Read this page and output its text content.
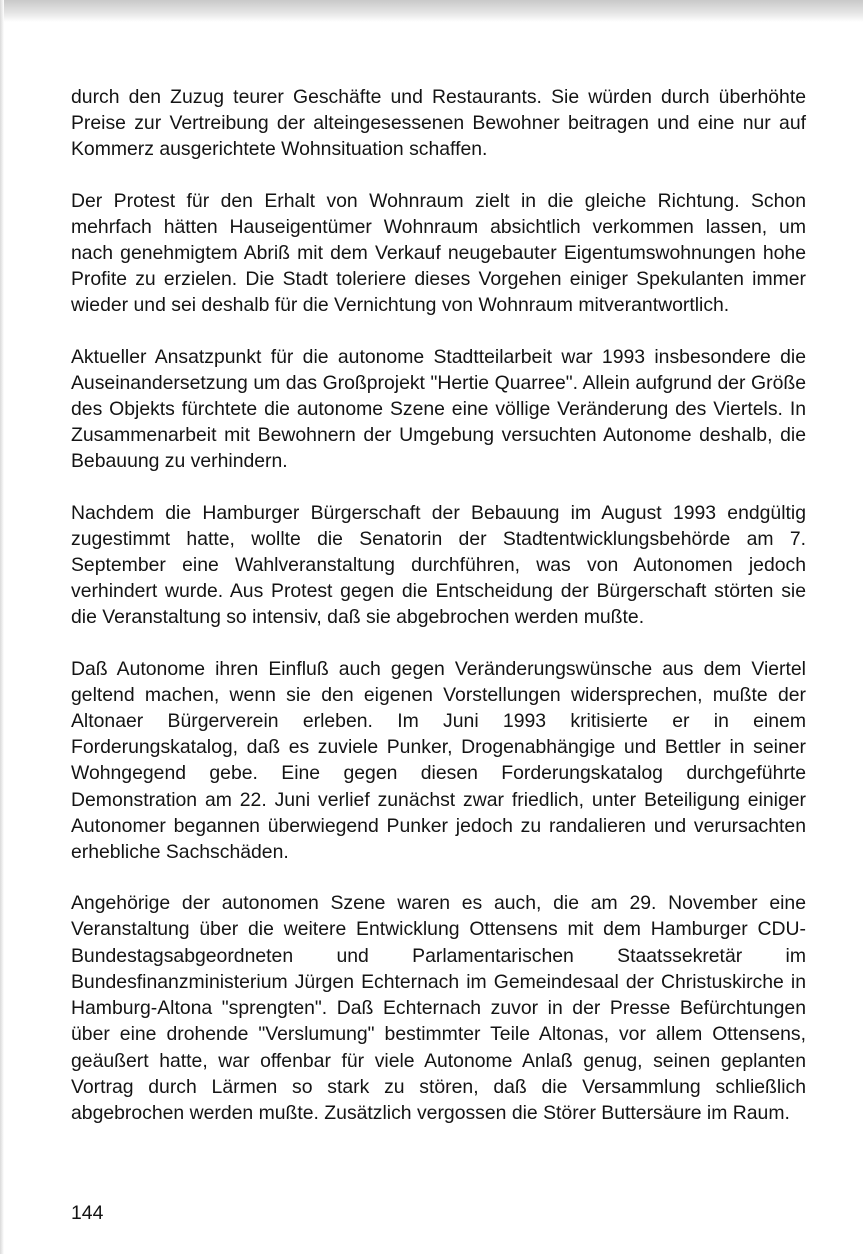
durch den Zuzug teurer Geschäfte und Restaurants. Sie würden durch überhöhte Preise zur Vertreibung der alteingesessenen Bewohner beitragen und eine nur auf Kommerz ausgerichtete Wohnsituation schaffen.

Der Protest für den Erhalt von Wohnraum zielt in die gleiche Richtung. Schon mehrfach hätten Hauseigentümer Wohnraum absichtlich verkommen lassen, um nach genehmigtem Abriß mit dem Verkauf neugebauter Eigentumswohnungen hohe Profite zu erzielen. Die Stadt toleriere dieses Vorgehen einiger Spekulanten immer wieder und sei deshalb für die Vernichtung von Wohnraum mitverantwortlich.

Aktueller Ansatzpunkt für die autonome Stadtteilarbeit war 1993 insbesondere die Auseinandersetzung um das Großprojekt "Hertie Quarree". Allein aufgrund der Größe des Objekts fürchtete die autonome Szene eine völlige Veränderung des Viertels. In Zusammenarbeit mit Bewohnern der Umgebung versuchten Autonome deshalb, die Bebauung zu verhindern.

Nachdem die Hamburger Bürgerschaft der Bebauung im August 1993 endgültig zugestimmt hatte, wollte die Senatorin der Stadtentwicklungsbehörde am 7. September eine Wahlveranstaltung durchführen, was von Autonomen jedoch verhindert wurde. Aus Protest gegen die Entscheidung der Bürgerschaft störten sie die Veranstaltung so intensiv, daß sie abgebrochen werden mußte.

Daß Autonome ihren Einfluß auch gegen Veränderungswünsche aus dem Viertel geltend machen, wenn sie den eigenen Vorstellungen widersprechen, mußte der Altonaer Bürgerverein erleben. Im Juni 1993 kritisierte er in einem Forderungskatalog, daß es zuviele Punker, Drogenabhängige und Bettler in seiner Wohngegend gebe. Eine gegen diesen Forderungskatalog durchgeführte Demonstration am 22. Juni verlief zunächst zwar friedlich, unter Beteiligung einiger Autonomer begannen überwiegend Punker jedoch zu randalieren und verursachten erhebliche Sachschäden.

Angehörige der autonomen Szene waren es auch, die am 29. November eine Veranstaltung über die weitere Entwicklung Ottensens mit dem Hamburger CDU-Bundestagsabgeordneten und Parlamentarischen Staatssekretär im Bundesfinanzministerium Jürgen Echternach im Gemeindesaal der Christuskirche in Hamburg-Altona "sprengten". Daß Echternach zuvor in der Presse Befürchtungen über eine drohende "Verslumung" bestimmter Teile Altonas, vor allem Ottensens, geäußert hatte, war offenbar für viele Autonome Anlaß genug, seinen geplanten Vortrag durch Lärmen so stark zu stören, daß die Versammlung schließlich abgebrochen werden mußte. Zusätzlich vergossen die Störer Buttersäure im Raum.

144
